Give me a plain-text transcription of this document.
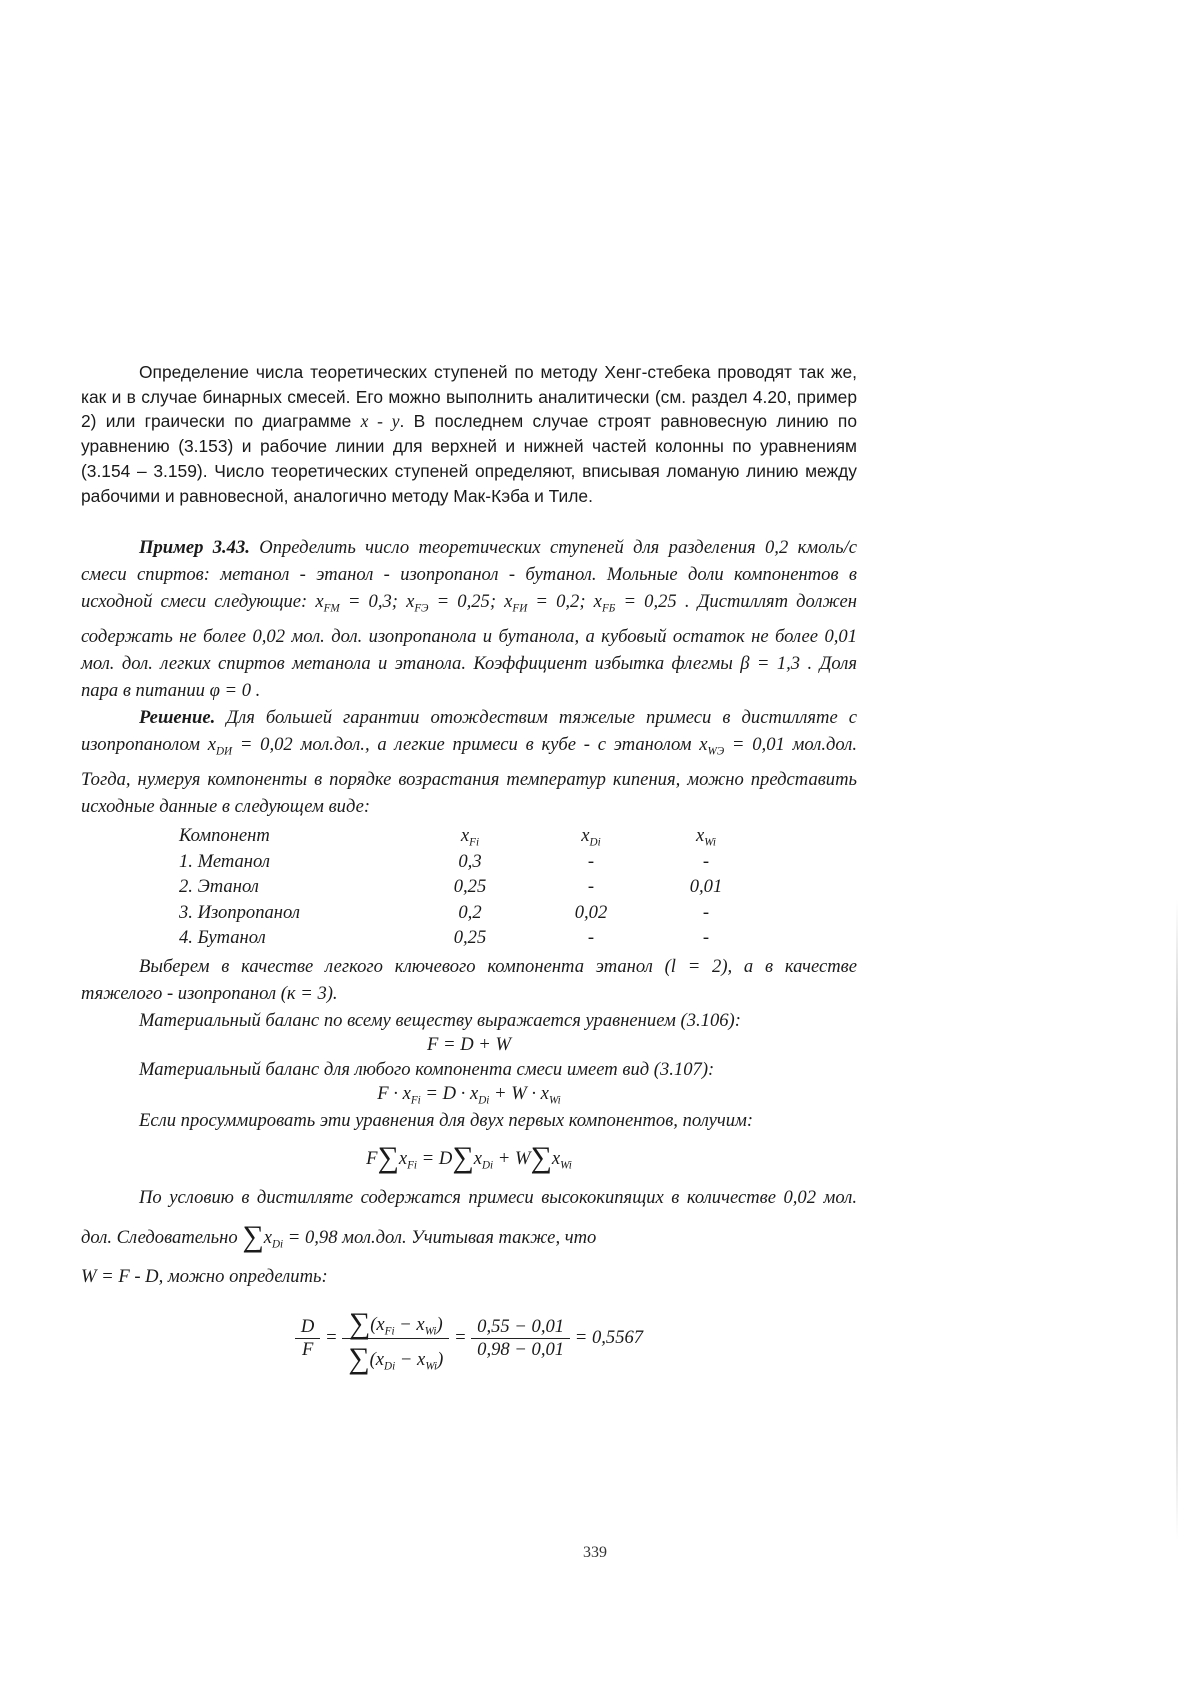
Определение числа теоретических ступеней по методу Хенг-стебека проводят так же, как и в случае бинарных смесей. Его можно выполнить аналитически (см. раздел 4.20, пример 2) или граически по диаграмме x - y. В последнем случае строят равновесную линию по уравнению (3.153) и рабочие линии для верхней и нижней частей колонны по уравнениям (3.154 – 3.159). Число теоретических ступеней определяют, вписывая ломаную линию между рабочими и равновесной, аналогично методу Мак-Кэба и Тиле.

Пример 3.43. Определить число теоретических ступеней для разделения 0,2 кмоль/с смеси спиртов: метанол - этанол - изопропанол - бутанол. Мольные доли компонентов в исходной смеси следующие: $x_{FM} = 0,3$; $x_{FЭ} = 0,25$; $x_{FИ} = 0,2$; $x_{FБ} = 0,25$ . Дистиллят должен содержать не более 0,02 мол. дол. изопропанола и бутанола, а кубовый остаток не более 0,01 мол. дол. легких спиртов метанола и этанола. Коэффициент избытка флегмы β = 1,3 . Доля пара в питании φ = 0 .

Решение. Для большей гарантии отождествим тяжелые примеси в дистилляте с изопропанолом $x_{DИ} = 0,02$ мол.дол., а легкие примеси в кубе - с этанолом $x_{WЭ} = 0,01$ мол.дол. Тогда, нумеруя компоненты в порядке возрастания температур кипения, можно представить исходные данные в следующем виде:

Компонент	$x_{Fi}$	$x_{Di}$	$x_{Wi}$
1. Метанол	0,3	-	-
2. Этанол	0,25	-	0,01
3. Изопропанол	0,2	0,02	-
4. Бутанол	0,25	-	-

Выберем в качестве легкого ключевого компонента этанол (l = 2), а в качестве тяжелого - изопропанол (к = 3).

Материальный баланс по всему веществу выражается уравнением (3.106):

F = D + W

Материальный баланс для любого компонента смеси имеет вид (3.107):

$F \cdot x_{Fi} = D \cdot x_{Di} + W \cdot x_{Wi}$

Если просуммировать эти уравнения для двух первых компонентов, получим:

$F\sum x_{Fi} = D\sum x_{Di} + W\sum x_{Wi}$

По условию в дистилляте содержатся примеси высококипящих в количестве 0,02 мол. дол. Следовательно $\sum x_{Di} = 0,98$ мол.дол. Учитывая также, что

W = F - D, можно определить:

$\frac{D}{F} = \frac{\sum(x_{Fi} - x_{Wi})}{\sum(x_{Di} - x_{Wi})} = \frac{0,55 - 0,01}{0,98 - 0,01} = 0,5567$
339
